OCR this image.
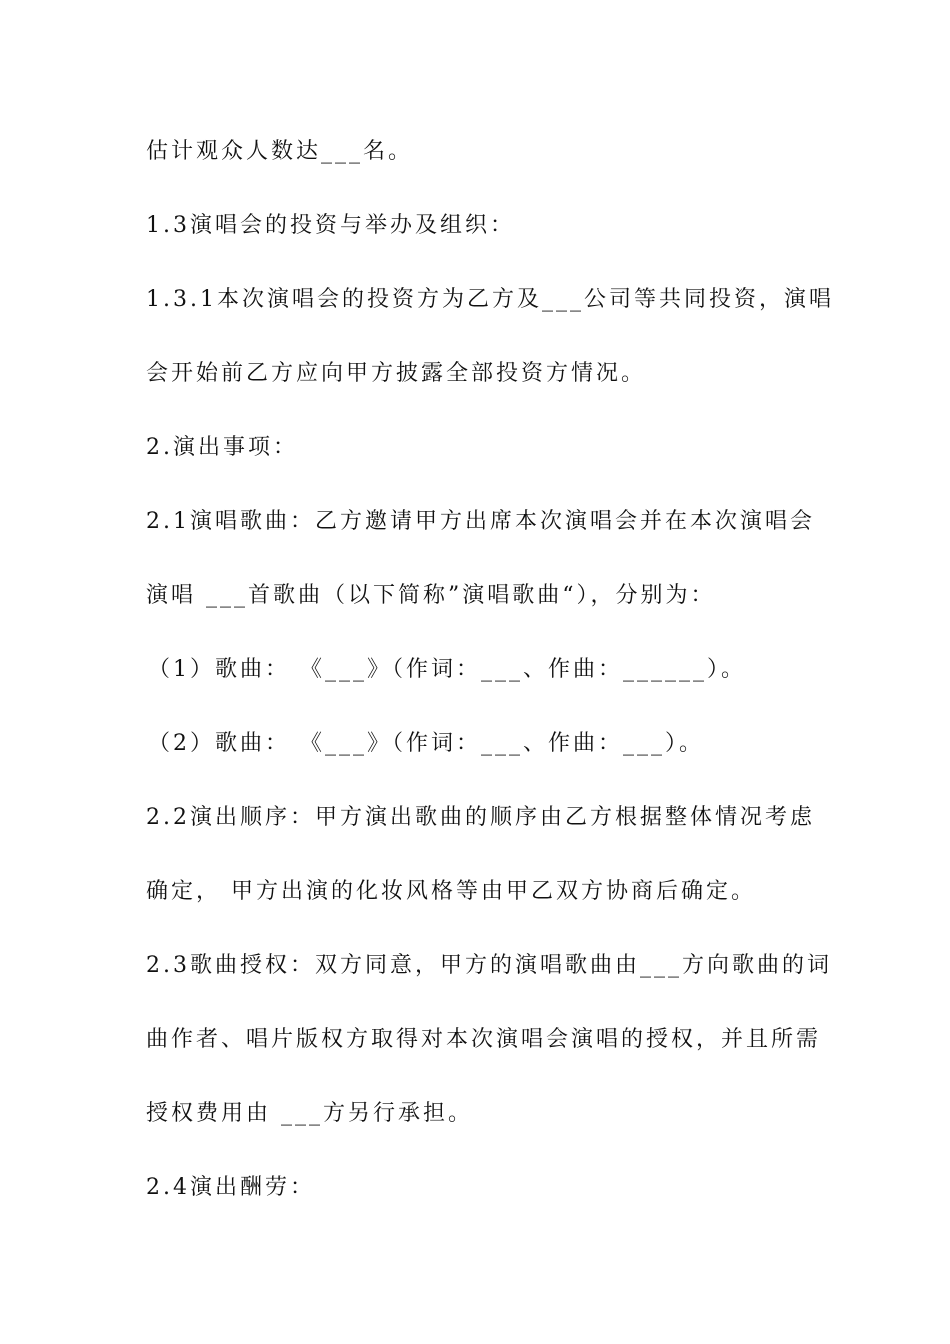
估计观众人数达___名。
1.3演唱会的投资与举办及组织：
1.3.1本次演唱会的投资方为乙方及___公司等共同投资，演唱
会开始前乙方应向甲方披露全部投资方情况。
2.演出事项：
2.1演唱歌曲：乙方邀请甲方出席本次演唱会并在本次演唱会
演唱 ___首歌曲（以下简称”演唱歌曲“），分别为：
（1）歌曲： 《___》（作词：___、作曲：______）。
（2）歌曲： 《___》（作词：___、作曲：___）。
2.2演出顺序：甲方演出歌曲的顺序由乙方根据整体情况考虑
确定， 甲方出演的化妆风格等由甲乙双方协商后确定。
2.3歌曲授权：双方同意，甲方的演唱歌曲由___方向歌曲的词
曲作者、唱片版权方取得对本次演唱会演唱的授权，并且所需
授权费用由 ___方另行承担。
2.4演出酬劳：
